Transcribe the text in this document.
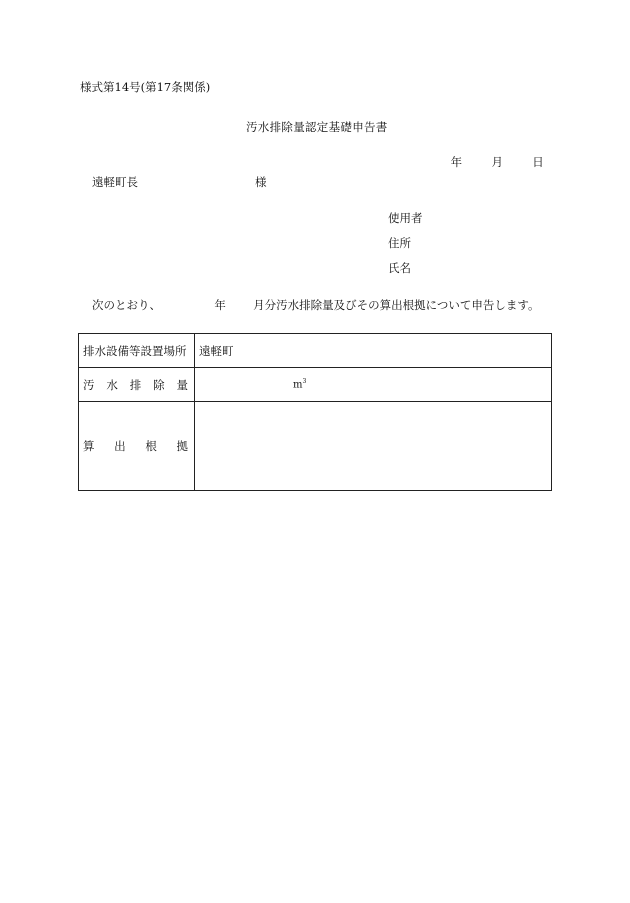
様式第14号(第17条関係)
汚水排除量認定基礎申告書
年	月	日
遠軽町長	様
使用者
住所
氏名
次のとおり、	年 月分汚水排除量及びその算出根拠について申告します。
排水設備等設置場所	遠軽町

汚 水 排 除 量	$m^3$

算 出 根 拠	
